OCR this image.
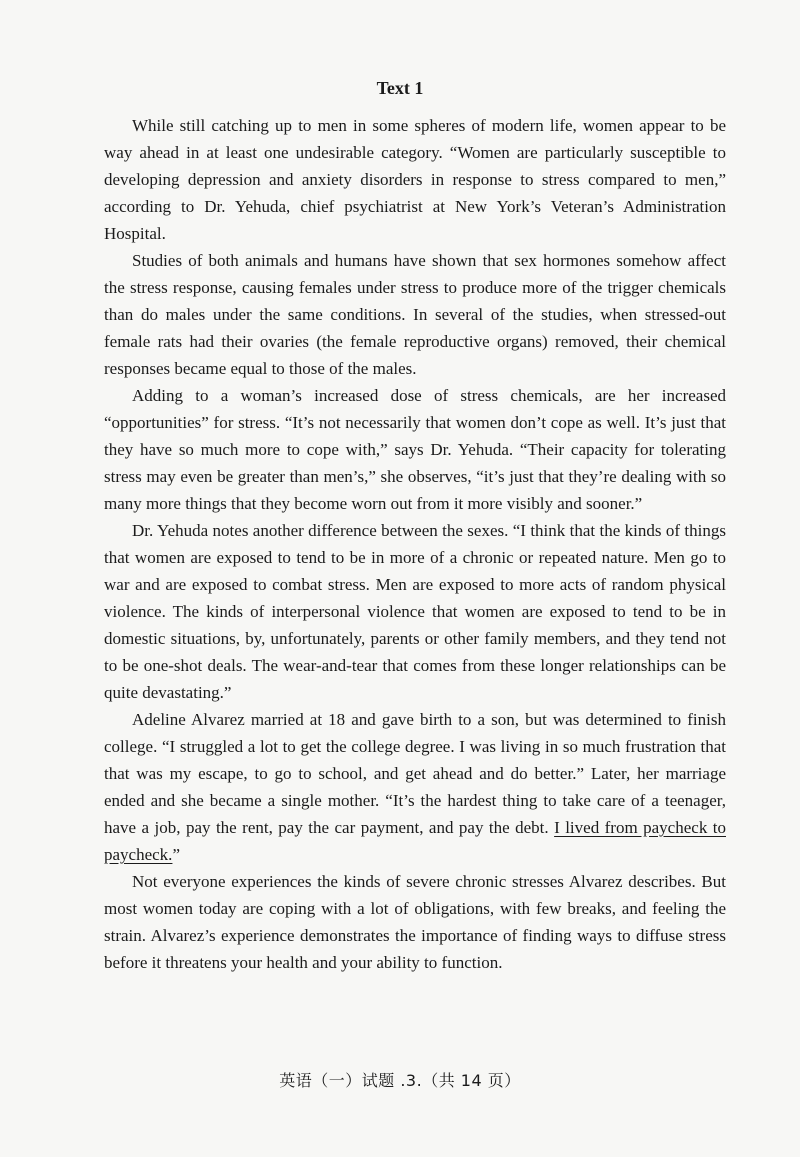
Text 1

While still catching up to men in some spheres of modern life, women appear to be way ahead in at least one undesirable category. “Women are particularly susceptible to developing depression and anxiety disorders in response to stress compared to men,” according to Dr. Yehuda, chief psychiatrist at New York’s Veteran’s Administration Hospital.

Studies of both animals and humans have shown that sex hormones somehow affect the stress response, causing females under stress to produce more of the trigger chemicals than do males under the same conditions. In several of the studies, when stressed-out female rats had their ovaries (the female reproductive organs) removed, their chemical responses became equal to those of the males.

Adding to a woman’s increased dose of stress chemicals, are her increased “opportunities” for stress. “It’s not necessarily that women don’t cope as well. It’s just that they have so much more to cope with,” says Dr. Yehuda. “Their capacity for tolerating stress may even be greater than men’s,” she observes, “it’s just that they’re dealing with so many more things that they become worn out from it more visibly and sooner.”

Dr. Yehuda notes another difference between the sexes. “I think that the kinds of things that women are exposed to tend to be in more of a chronic or repeated nature. Men go to war and are exposed to combat stress. Men are exposed to more acts of random physical violence. The kinds of interpersonal violence that women are exposed to tend to be in domestic situations, by, unfortunately, parents or other family members, and they tend not to be one-shot deals. The wear-and-tear that comes from these longer relationships can be quite devastating.”

Adeline Alvarez married at 18 and gave birth to a son, but was determined to finish college. “I struggled a lot to get the college degree. I was living in so much frustration that that was my escape, to go to school, and get ahead and do better.” Later, her marriage ended and she became a single mother. “It’s the hardest thing to take care of a teenager, have a job, pay the rent, pay the car payment, and pay the debt. I lived from paycheck to paycheck.”

Not everyone experiences the kinds of severe chronic stresses Alvarez describes. But most women today are coping with a lot of obligations, with few breaks, and feeling the strain. Alvarez’s experience demonstrates the importance of finding ways to diffuse stress before it threatens your health and your ability to function.

英语（一）试题 .3.（共 14 页）
